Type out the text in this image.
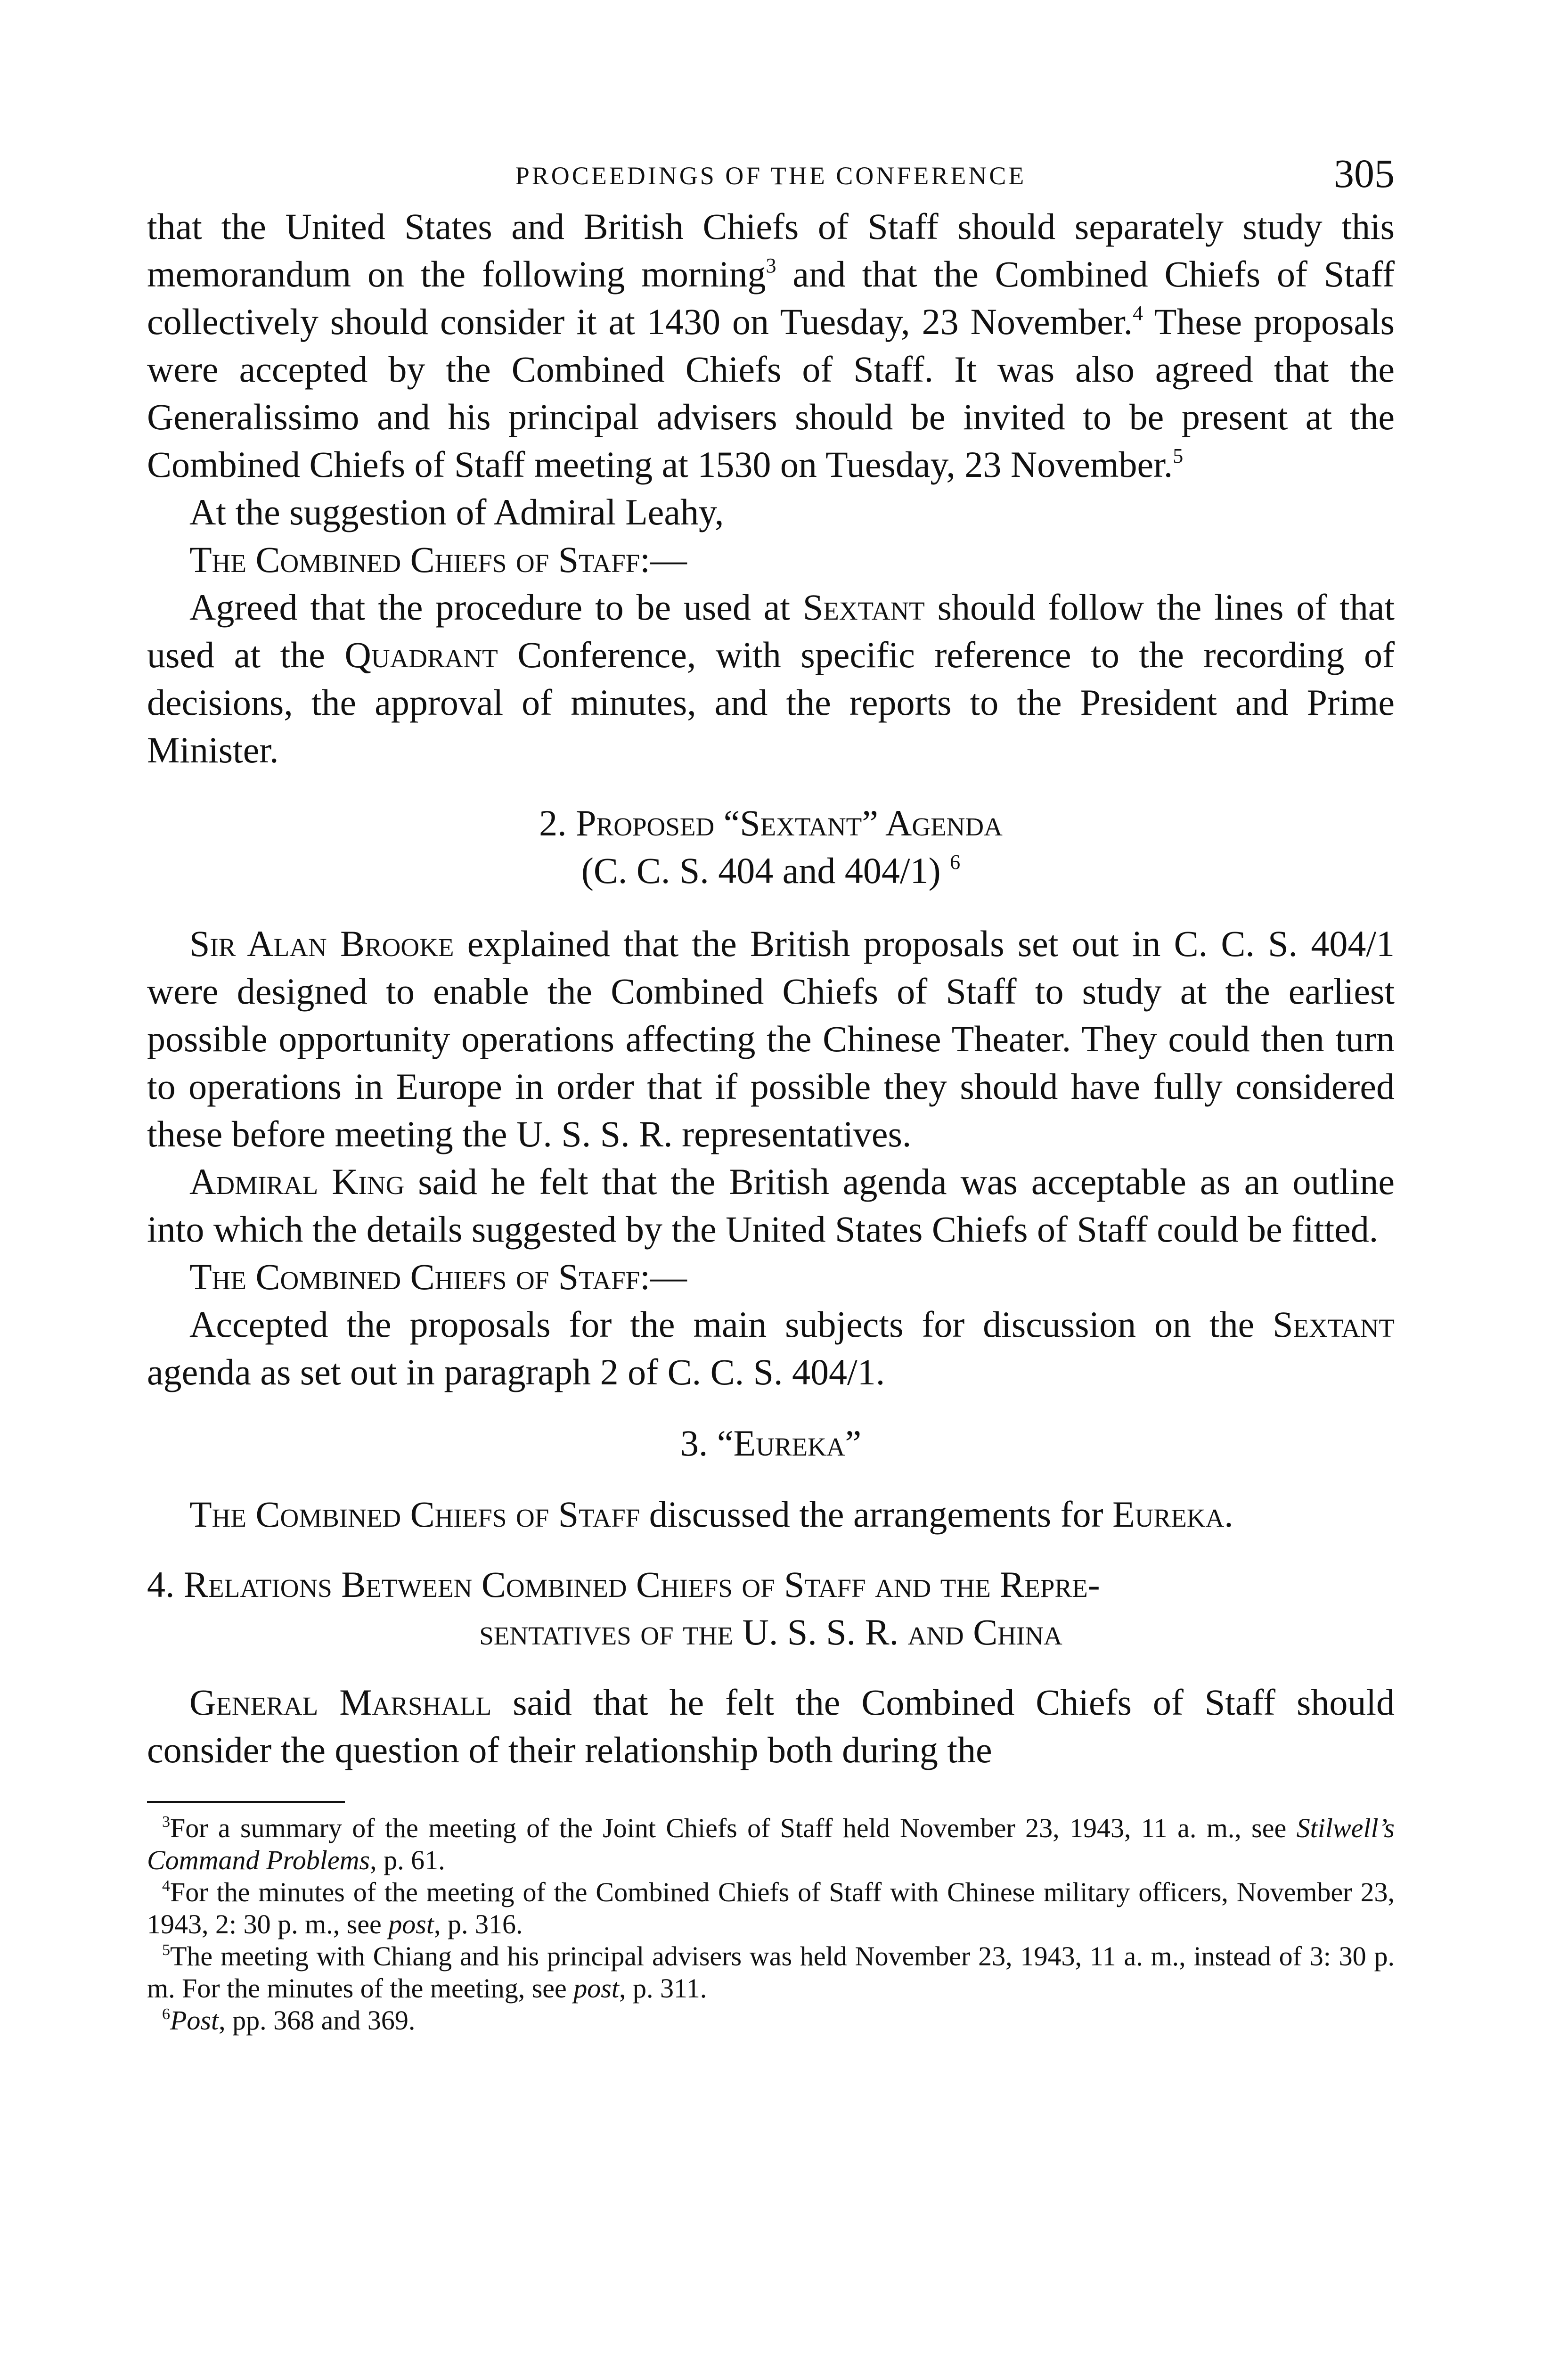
PROCEEDINGS OF THE CONFERENCE	305

that the United States and British Chiefs of Staff should separately study this memorandum on the following morning$^3$ and that the Combined Chiefs of Staff collectively should consider it at 1430 on Tuesday, 23 November.$^4$ These proposals were accepted by the Combined Chiefs of Staff. It was also agreed that the Generalissimo and his principal advisers should be invited to be present at the Combined Chiefs of Staff meeting at 1530 on Tuesday, 23 November.$^5$

At the suggestion of Admiral Leahy,

The Combined Chiefs of Staff:—

Agreed that the procedure to be used at Sextant should follow the lines of that used at the Quadrant Conference, with specific reference to the recording of decisions, the approval of minutes, and the reports to the President and Prime Minister.

2. Proposed “Sextant” Agenda

(C. C. S. 404 and 404/1) $^6$

Sir Alan Brooke explained that the British proposals set out in C. C. S. 404/1 were designed to enable the Combined Chiefs of Staff to study at the earliest possible opportunity operations affecting the Chinese Theater. They could then turn to operations in Europe in order that if possible they should have fully considered these before meeting the U. S. S. R. representatives.

Admiral King said he felt that the British agenda was acceptable as an outline into which the details suggested by the United States Chiefs of Staff could be fitted.

The Combined Chiefs of Staff:—

Accepted the proposals for the main subjects for discussion on the Sextant agenda as set out in paragraph 2 of C. C. S. 404/1.

3. “Eureka”

The Combined Chiefs of Staff discussed the arrangements for Eureka.

4. Relations Between Combined Chiefs of Staff and the Repre-

sentatives of the U. S. S. R. and China

General Marshall said that he felt the Combined Chiefs of Staff should consider the question of their relationship both during the

$^3$For a summary of the meeting of the Joint Chiefs of Staff held November 23, 1943, 11 a. m., see Stilwell’s Command Problems, p. 61.

$^4$For the minutes of the meeting of the Combined Chiefs of Staff with Chinese military officers, November 23, 1943, 2: 30 p. m., see post, p. 316.

$^5$The meeting with Chiang and his principal advisers was held November 23, 1943, 11 a. m., instead of 3: 30 p. m. For the minutes of the meeting, see post, p. 311.

$^6$Post, pp. 368 and 369.
